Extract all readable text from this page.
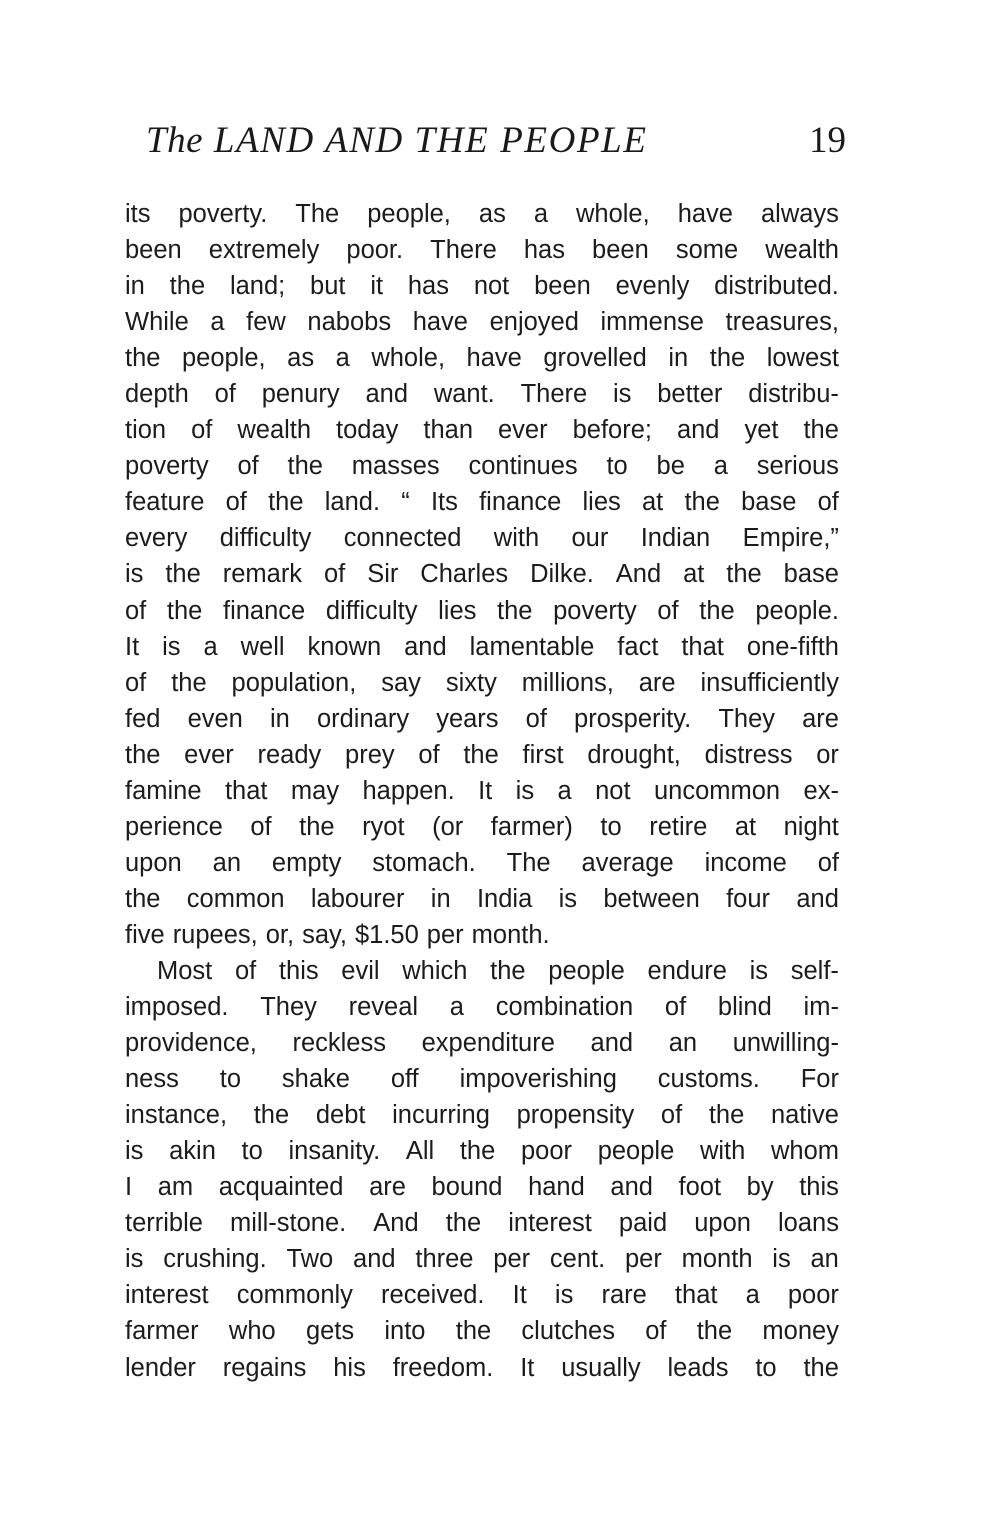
The LAND AND THE PEOPLE	19
its poverty. The people, as a whole, have always
been extremely poor. There has been some wealth
in the land; but it has not been evenly distributed.
While a few nabobs have enjoyed immense treasures,
the people, as a whole, have grovelled in the lowest
depth of penury and want. There is better distribu-
tion of wealth today than ever before; and yet the
poverty of the masses continues to be a serious
feature of the land. “ Its finance lies at the base of
every difficulty connected with our Indian Empire,”
is the remark of Sir Charles Dilke. And at the base
of the finance difficulty lies the poverty of the people.
It is a well known and lamentable fact that one-fifth
of the population, say sixty millions, are insufficiently
fed even in ordinary years of prosperity. They are
the ever ready prey of the first drought, distress or
famine that may happen. It is a not uncommon ex-
perience of the ryot (or farmer) to retire at night
upon an empty stomach. The average income of
the common labourer in India is between four and
five rupees, or, say, $1.50 per month.
Most of this evil which the people endure is self-
imposed. They reveal a combination of blind im-
providence, reckless expenditure and an unwilling-
ness to shake off impoverishing customs. For
instance, the debt incurring propensity of the native
is akin to insanity. All the poor people with whom
I am acquainted are bound hand and foot by this
terrible mill-stone. And the interest paid upon loans
is crushing. Two and three per cent. per month is an
interest commonly received. It is rare that a poor
farmer who gets into the clutches of the money
lender regains his freedom. It usually leads to the
